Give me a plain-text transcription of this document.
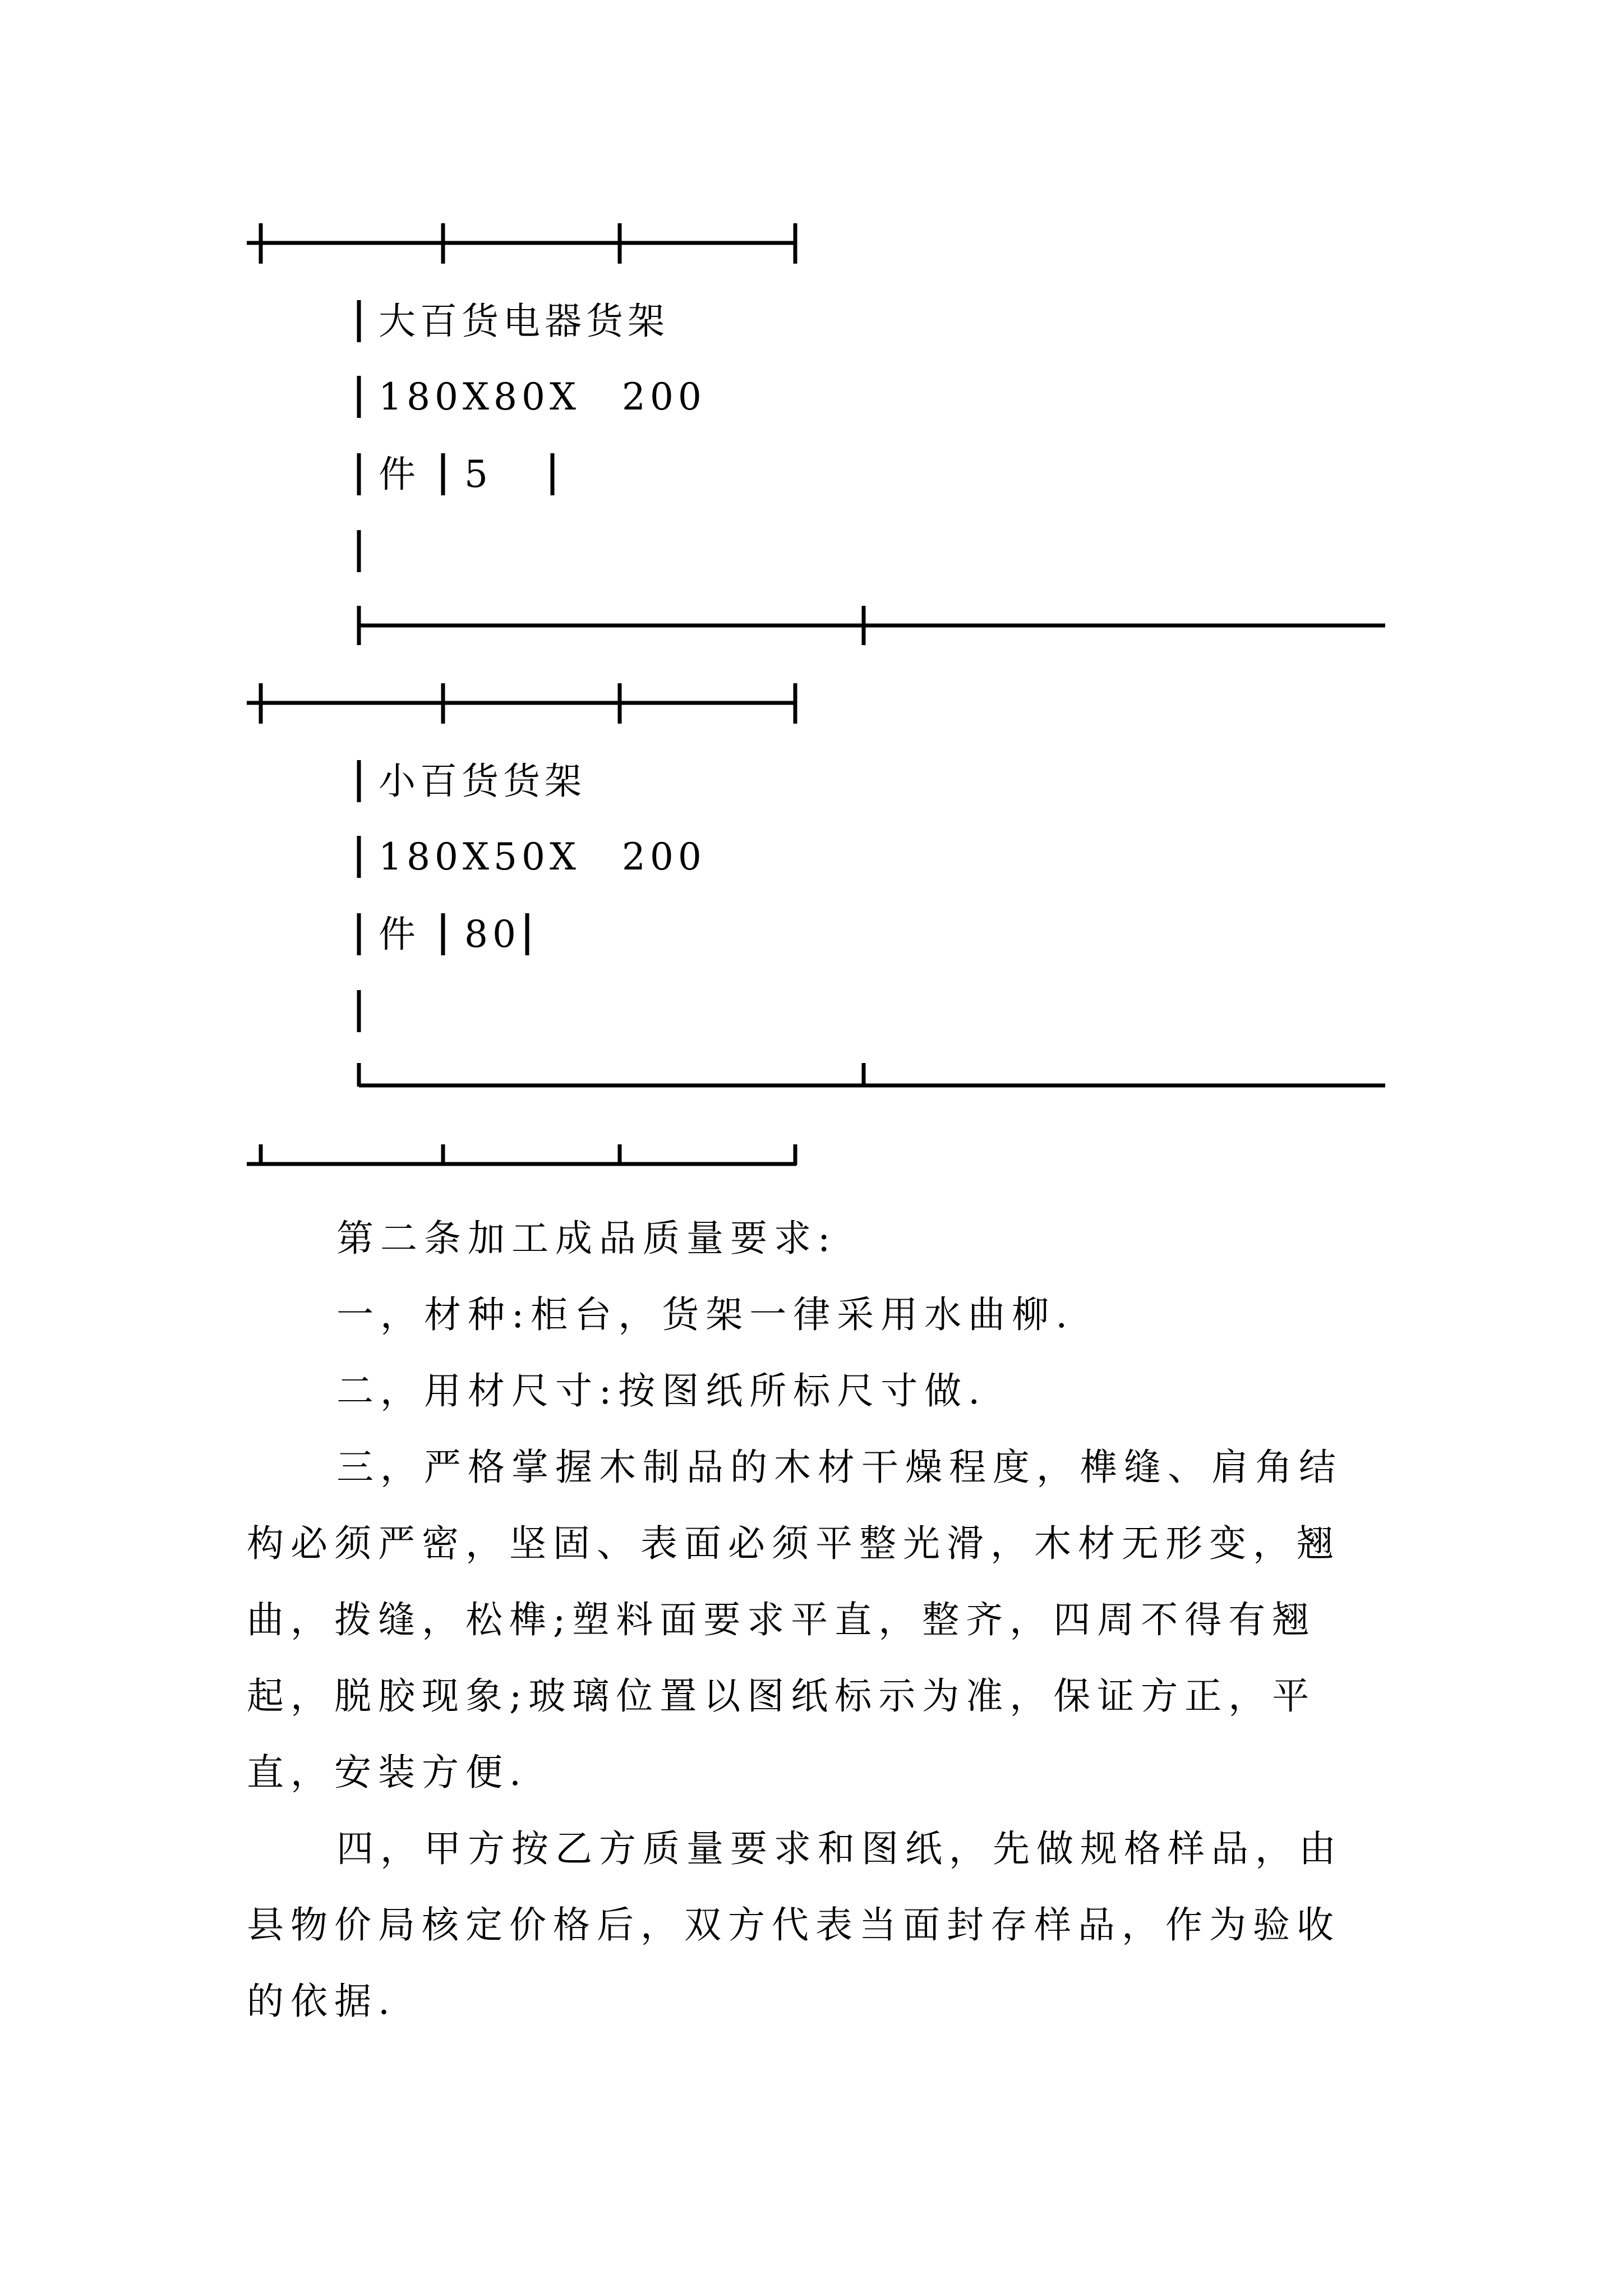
大百货电器货架
180X80X　200
件 5
小百货货架
180X50X　200
件 80

第二条加工成品质量要求:

一，材种:柜台，货架一律采用水曲柳.

二，用材尺寸:按图纸所标尺寸做.

三，严格掌握木制品的木材干燥程度，榫缝、肩角结构必须严密，坚固、表面必须平整光滑，木材无形变，翘曲，拨缝，松榫;塑料面要求平直，整齐，四周不得有翘起，脱胶现象;玻璃位置以图纸标示为准，保证方正，平直，安装方便.

四，甲方按乙方质量要求和图纸，先做规格样品，由县物价局核定价格后，双方代表当面封存样品，作为验收的依据.
